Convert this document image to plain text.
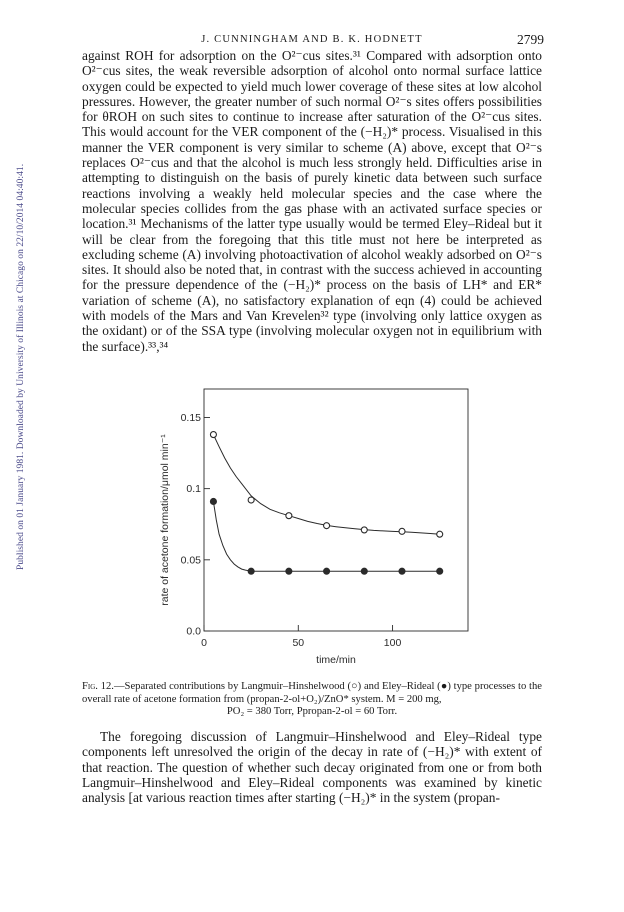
Published on 01 January 1981. Downloaded by University of Illinois at Chicago on 22/10/2014 04:40:41.
J. CUNNINGHAM AND B. K. HODNETT	2799

against ROH for adsorption on the O²⁻cus sites.³¹ Compared with adsorption onto O²⁻cus sites, the weak reversible adsorption of alcohol onto normal surface lattice oxygen could be expected to yield much lower coverage of these sites at low alcohol pressures. However, the greater number of such normal O²⁻s sites offers possibilities for θROH on such sites to continue to increase after saturation of the O²⁻cus sites. This would account for the VER component of the (−H₂)* process. Visualised in this manner the VER component is very similar to scheme (A) above, except that O²⁻s replaces O²⁻cus and that the alcohol is much less strongly held. Difficulties arise in attempting to distinguish on the basis of purely kinetic data between such surface reactions involving a weakly held molecular species and the case where the molecular species collides from the gas phase with an activated surface species or location.³¹ Mechanisms of the latter type usually would be termed Eley–Rideal but it will be clear from the foregoing that this title must not here be interpreted as excluding scheme (A) involving photoactivation of alcohol weakly adsorbed on O²⁻s sites. It should also be noted that, in contrast with the success achieved in accounting for the pressure dependence of the (−H₂)* process on the basis of LH* and ER* variation of scheme (A), no satisfactory explanation of eqn (4) could be achieved with models of the Mars and Van Krevelen³² type (involving only lattice oxygen as the oxidant) or of the SSA type (involving molecular oxygen not in equilibrium with the surface).³³,³⁴

0.0
0.05
0.1
0.15
0	50	100
time/min
rate of acetone formation/μmol min⁻¹

Fig. 12.—Separated contributions by Langmuir–Hinshelwood (○) and Eley–Rideal (●) type processes to the overall rate of acetone formation from (propan-2-ol+O₂)/ZnO* system. M = 200 mg,
PO₂ = 380 Torr, Ppropan-2-ol = 60 Torr.

The foregoing discussion of Langmuir–Hinshelwood and Eley–Rideal type components left unresolved the origin of the decay in rate of (−H₂)* with extent of that reaction. The question of whether such decay originated from one or from both Langmuir–Hinshelwood and Eley–Rideal components was examined by kinetic analysis [at various reaction times after starting (−H₂)* in the system (propan-
